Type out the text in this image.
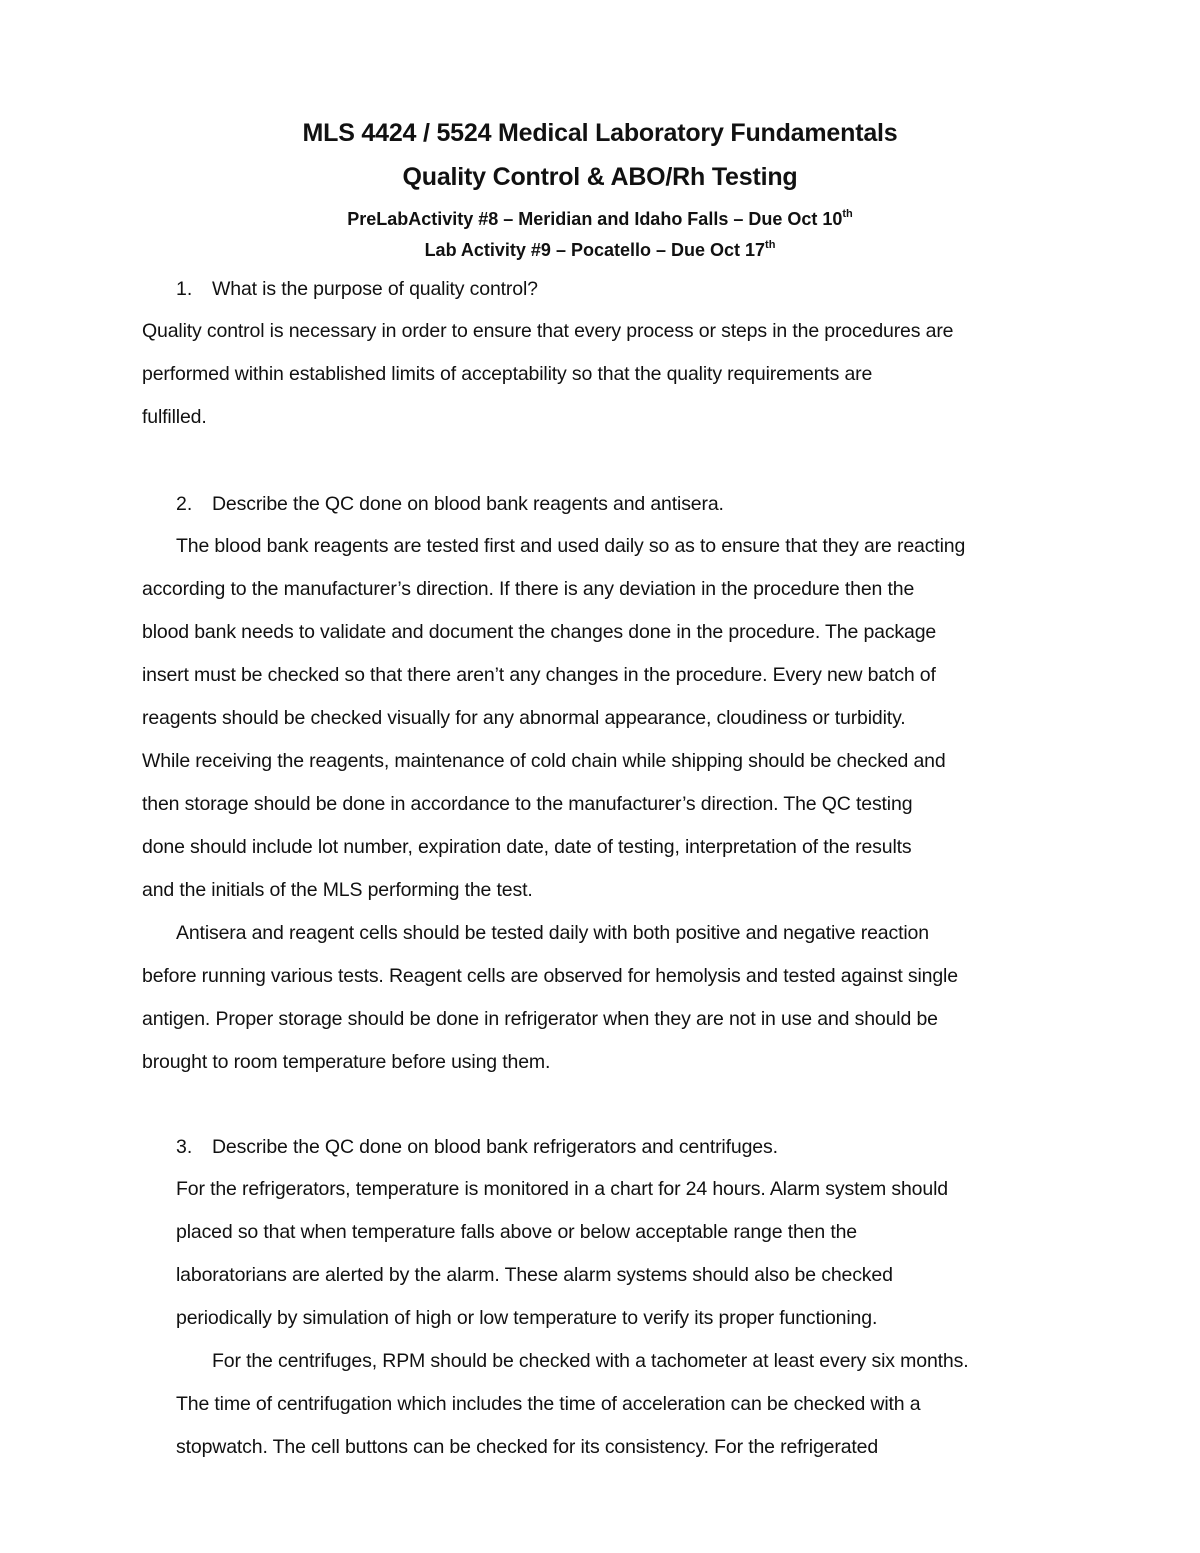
MLS 4424 / 5524 Medical Laboratory Fundamentals
Quality Control & ABO/Rh Testing
PreLabActivity #8 – Meridian and Idaho Falls – Due Oct 10th
Lab Activity #9 – Pocatello – Due Oct 17th
1. What is the purpose of quality control?
Quality control is necessary in order to ensure that every process or steps in the procedures are
performed within established limits of acceptability so that the quality requirements are
fulfilled.
2. Describe the QC done on blood bank reagents and antisera.
The blood bank reagents are tested first and used daily so as to ensure that they are reacting
according to the manufacturer’s direction. If there is any deviation in the procedure then the
blood bank needs to validate and document the changes done in the procedure. The package
insert must be checked so that there aren’t any changes in the procedure. Every new batch of
reagents should be checked visually for any abnormal appearance, cloudiness or turbidity.
While receiving the reagents, maintenance of cold chain while shipping should be checked and
then storage should be done in accordance to the manufacturer’s direction. The QC testing
done should include lot number, expiration date, date of testing, interpretation of the results
and the initials of the MLS performing the test.
Antisera and reagent cells should be tested daily with both positive and negative reaction
before running various tests. Reagent cells are observed for hemolysis and tested against single
antigen. Proper storage should be done in refrigerator when they are not in use and should be
brought to room temperature before using them.
3. Describe the QC done on blood bank refrigerators and centrifuges.
For the refrigerators, temperature is monitored in a chart for 24 hours. Alarm system should
placed so that when temperature falls above or below acceptable range then the
laboratorians are alerted by the alarm. These alarm systems should also be checked
periodically by simulation of high or low temperature to verify its proper functioning.
For the centrifuges, RPM should be checked with a tachometer at least every six months.
The time of centrifugation which includes the time of acceleration can be checked with a
stopwatch. The cell buttons can be checked for its consistency. For the refrigerated
